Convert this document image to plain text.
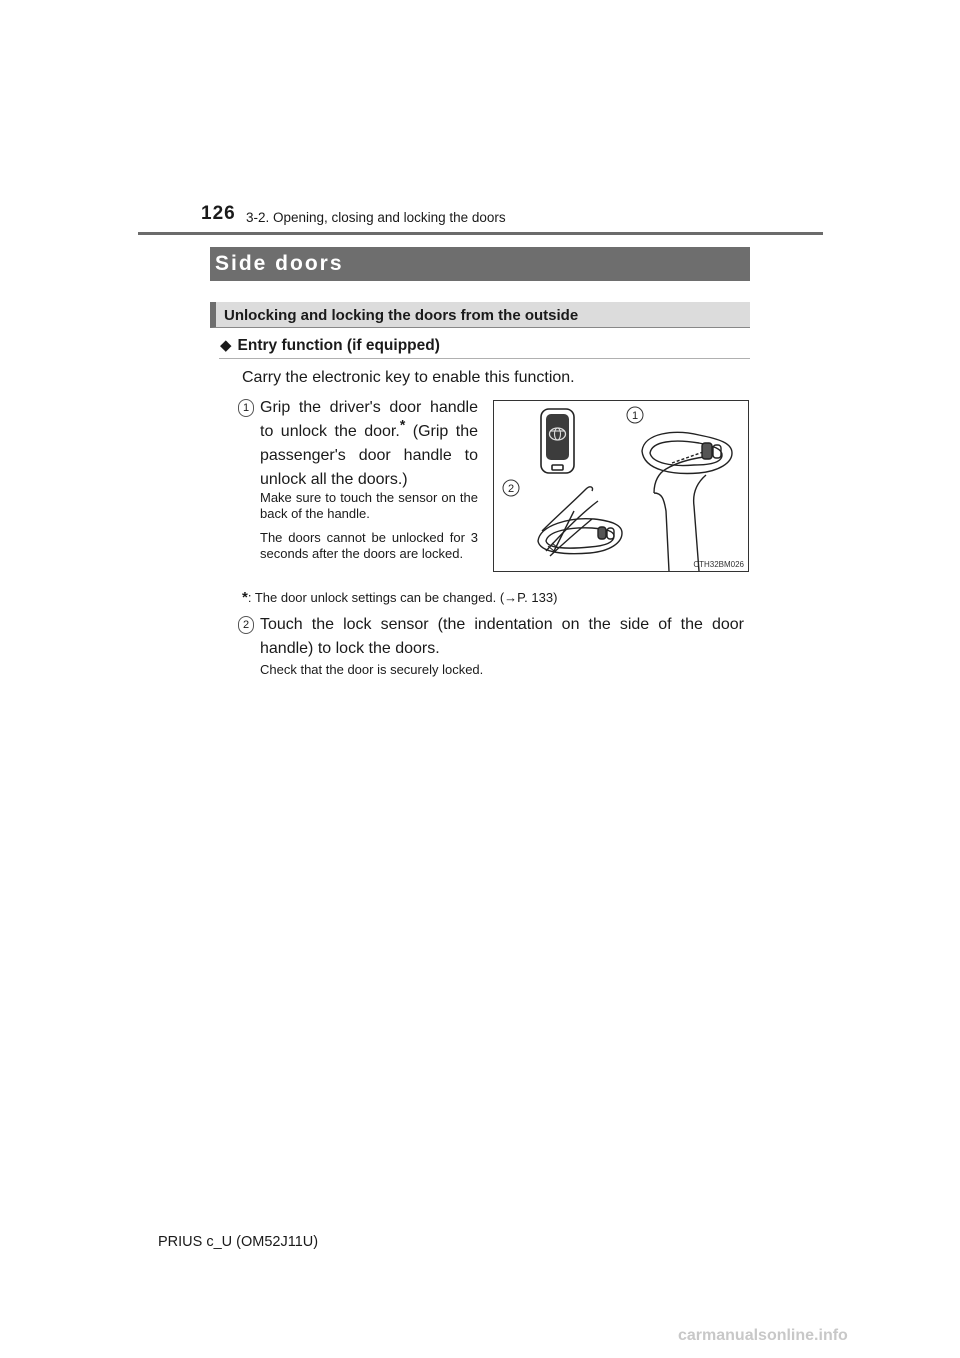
126 3-2. Opening, closing and locking the doors
Side doors
Unlocking and locking the doors from the outside
◆ Entry function (if equipped)
Carry the electronic key to enable this function.
1 Grip the driver's door handle to unlock the door.* (Grip the passenger's door handle to unlock all the doors.)
Make sure to touch the sensor on the back of the handle.
The doors cannot be unlocked for 3 seconds after the doors are locked.
1
2
CTH32BM026
*: The door unlock settings can be changed. (→P. 133)
2 Touch the lock sensor (the indentation on the side of the door handle) to lock the doors.
Check that the door is securely locked.
PRIUS c_U (OM52J11U)
carmanualsonline.info
